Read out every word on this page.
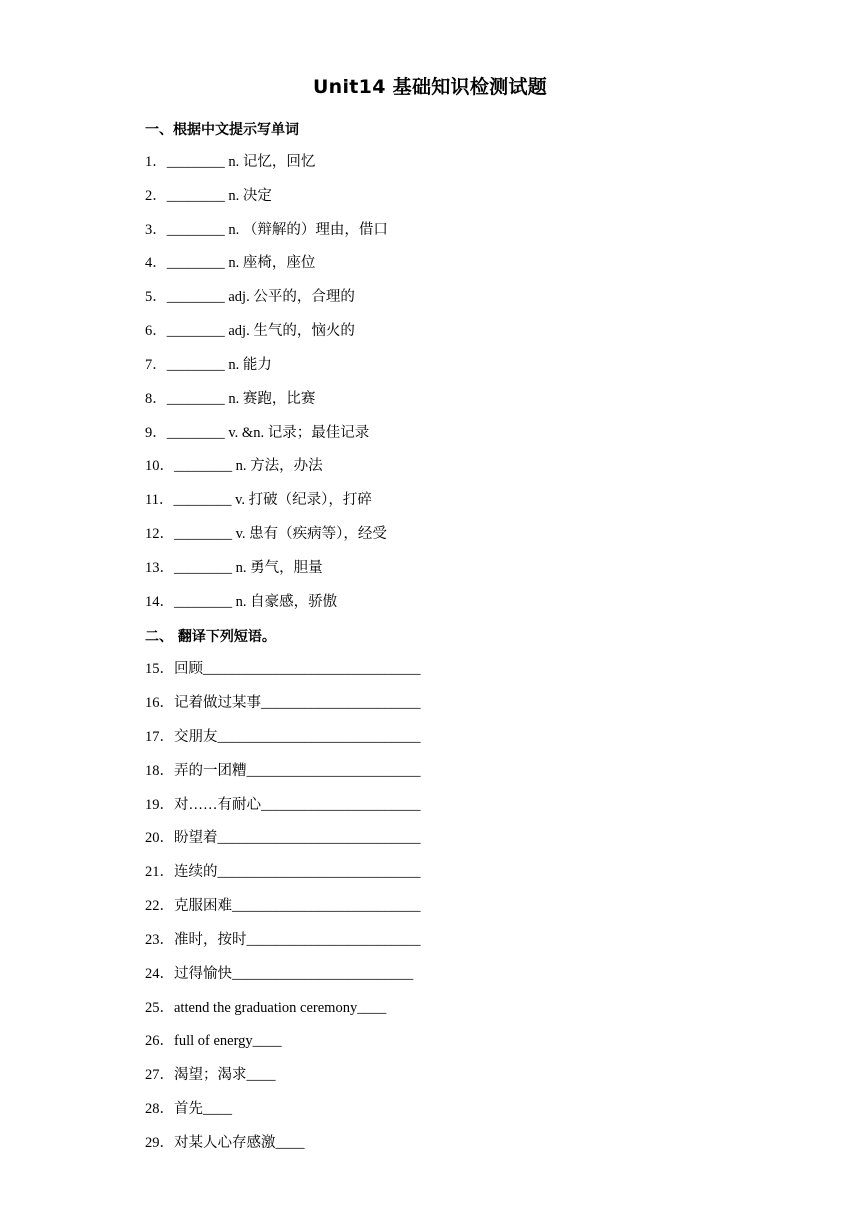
Unit14 基础知识检测试题
一、根据中文提示写单词
1．________ n. 记忆，回忆
2．________ n. 决定
3．________ n. （辩解的）理由，借口
4．________ n. 座椅，座位
5．________ adj. 公平的，合理的
6．________ adj. 生气的，恼火的
7．________ n. 能力
8．________ n. 赛跑，比赛
9．________ v. &n. 记录；最佳记录
10．________ n. 方法，办法
11．________ v. 打破（纪录），打碎
12．________ v. 患有（疾病等），经受
13．________ n. 勇气，胆量
14．________ n. 自豪感，骄傲
二、 翻译下列短语。
15．回顾______________________________
16．记着做过某事______________________
17．交朋友____________________________
18．弄的一团糟________________________
19．对……有耐心______________________
20．盼望着____________________________
21．连续的____________________________
22．克服困难__________________________
23．准时，按时________________________
24．过得愉快_________________________
25．attend the graduation ceremony____
26．full of energy____
27．渴望；渴求____
28．首先____
29．对某人心存感激____
